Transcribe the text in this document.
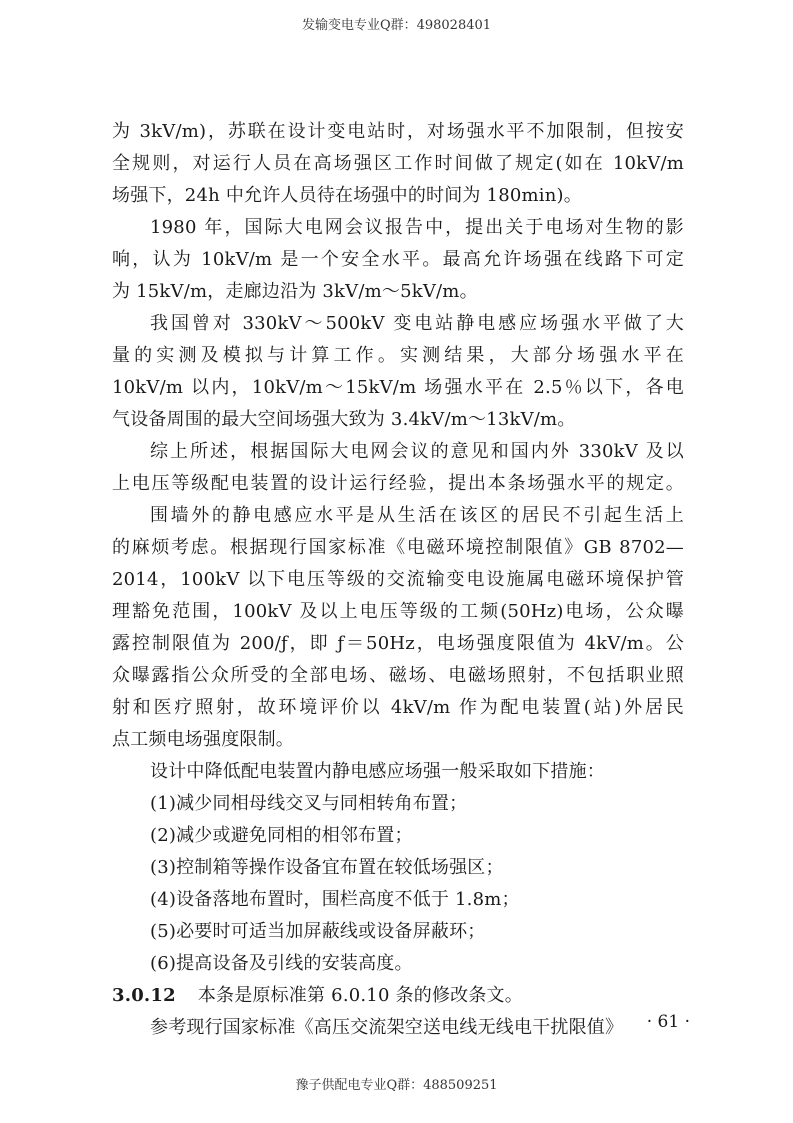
发输变电专业Q群：498028401
为 3kV/m)，苏联在设计变电站时，对场强水平不加限制，但按安
全规则，对运行人员在高场强区工作时间做了规定(如在 10kV/m
场强下，24h 中允许人员待在场强中的时间为 180min)。
1980 年，国际大电网会议报告中，提出关于电场对生物的影
响，认为 10kV/m 是一个安全水平。最高允许场强在线路下可定
为 15kV/m，走廊边沿为 3kV/m～5kV/m。
我国曾对 330kV～500kV 变电站静电感应场强水平做了大
量的实测及模拟与计算工作。实测结果，大部分场强水平在
10kV/m 以内，10kV/m～15kV/m 场强水平在 2.5％以下，各电
气设备周围的最大空间场强大致为 3.4kV/m～13kV/m。
综上所述，根据国际大电网会议的意见和国内外 330kV 及以
上电压等级配电装置的设计运行经验，提出本条场强水平的规定。
围墙外的静电感应水平是从生活在该区的居民不引起生活上
的麻烦考虑。根据现行国家标准《电磁环境控制限值》GB 8702—
2014，100kV 以下电压等级的交流输变电设施属电磁环境保护管
理豁免范围，100kV 及以上电压等级的工频(50Hz)电场，公众曝
露控制限值为 200/ƒ，即 ƒ＝50Hz，电场强度限值为 4kV/m。公
众曝露指公众所受的全部电场、磁场、电磁场照射，不包括职业照
射和医疗照射，故环境评价以 4kV/m 作为配电装置(站)外居民
点工频电场强度限制。
设计中降低配电装置内静电感应场强一般采取如下措施：
(1)减少同相母线交叉与同相转角布置；
(2)减少或避免同相的相邻布置；
(3)控制箱等操作设备宜布置在较低场强区；
(4)设备落地布置时，围栏高度不低于 1.8m；
(5)必要时可适当加屏蔽线或设备屏蔽环；
(6)提高设备及引线的安装高度。
3.0.12 本条是原标准第 6.0.10 条的修改条文。
参考现行国家标准《高压交流架空送电线无线电干扰限值》	· 61 ·
豫子供配电专业Q群：488509251
